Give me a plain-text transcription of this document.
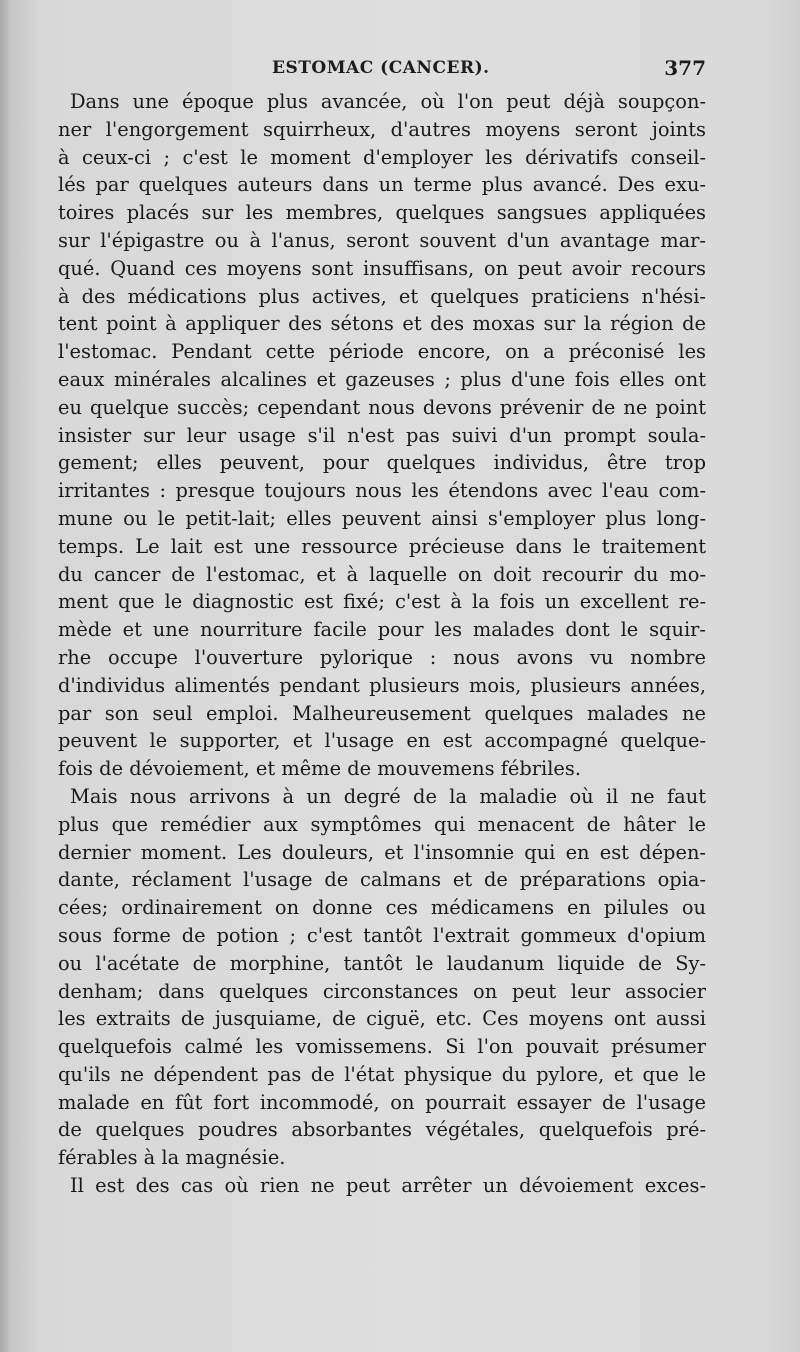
ESTOMAC (CANCER).	377
Dans une époque plus avancée, où l'on peut déjà soupçon-
ner l'engorgement squirrheux, d'autres moyens seront joints
à ceux-ci ; c'est le moment d'employer les dérivatifs conseil-
lés par quelques auteurs dans un terme plus avancé. Des exu-
toires placés sur les membres, quelques sangsues appliquées
sur l'épigastre ou à l'anus, seront souvent d'un avantage mar-
qué. Quand ces moyens sont insuffisans, on peut avoir recours
à des médications plus actives, et quelques praticiens n'hési-
tent point à appliquer des sétons et des moxas sur la région de
l'estomac. Pendant cette période encore, on a préconisé les
eaux minérales alcalines et gazeuses ; plus d'une fois elles ont
eu quelque succès; cependant nous devons prévenir de ne point
insister sur leur usage s'il n'est pas suivi d'un prompt soula-
gement; elles peuvent, pour quelques individus, être trop
irritantes : presque toujours nous les étendons avec l'eau com-
mune ou le petit-lait; elles peuvent ainsi s'employer plus long-
temps. Le lait est une ressource précieuse dans le traitement
du cancer de l'estomac, et à laquelle on doit recourir du mo-
ment que le diagnostic est fixé; c'est à la fois un excellent re-
mède et une nourriture facile pour les malades dont le squir-
rhe occupe l'ouverture pylorique : nous avons vu nombre
d'individus alimentés pendant plusieurs mois, plusieurs années,
par son seul emploi. Malheureusement quelques malades ne
peuvent le supporter, et l'usage en est accompagné quelque-
fois de dévoiement, et même de mouvemens fébriles.
Mais nous arrivons à un degré de la maladie où il ne faut
plus que remédier aux symptômes qui menacent de hâter le
dernier moment. Les douleurs, et l'insomnie qui en est dépen-
dante, réclament l'usage de calmans et de préparations opia-
cées; ordinairement on donne ces médicamens en pilules ou
sous forme de potion ; c'est tantôt l'extrait gommeux d'opium
ou l'acétate de morphine, tantôt le laudanum liquide de Sy-
denham; dans quelques circonstances on peut leur associer
les extraits de jusquiame, de ciguë, etc. Ces moyens ont aussi
quelquefois calmé les vomissemens. Si l'on pouvait présumer
qu'ils ne dépendent pas de l'état physique du pylore, et que le
malade en fût fort incommodé, on pourrait essayer de l'usage
de quelques poudres absorbantes végétales, quelquefois pré-
férables à la magnésie.
Il est des cas où rien ne peut arrêter un dévoiement exces-
